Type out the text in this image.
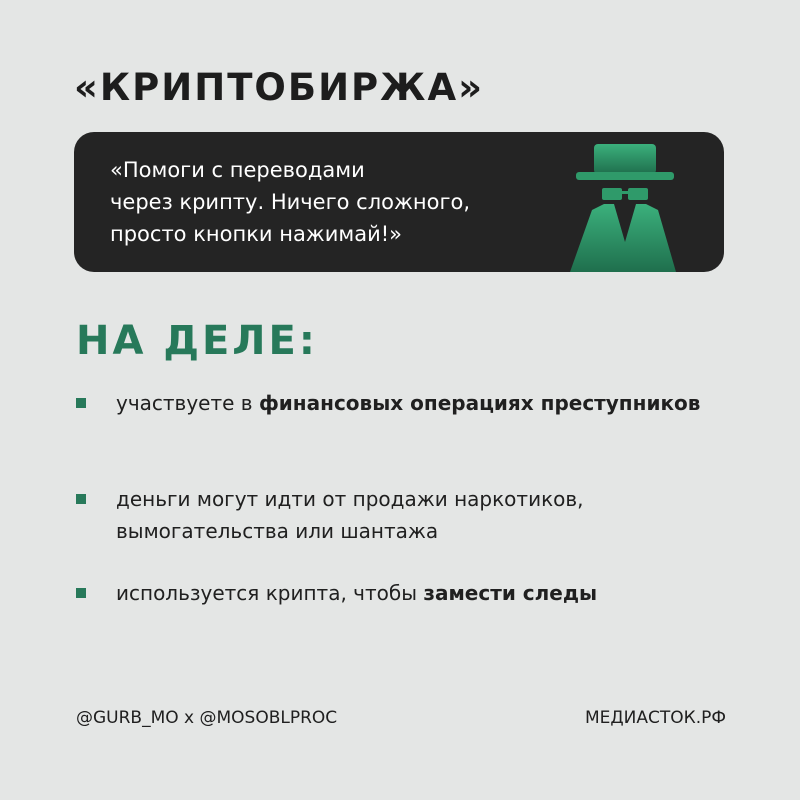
«КРИПТОБИРЖА»
«Помоги с переводами
через крипту. Ничего сложного,
просто кнопки нажимай!»
НА ДЕЛЕ:
участвуете в финансовых операциях преступников
деньги могут идти от продажи наркотиков, вымогательства или шантажа
используется крипта, чтобы замести следы
@GURB_MO x @MOSOBLPROC	МЕДИАСТОК.РФ
